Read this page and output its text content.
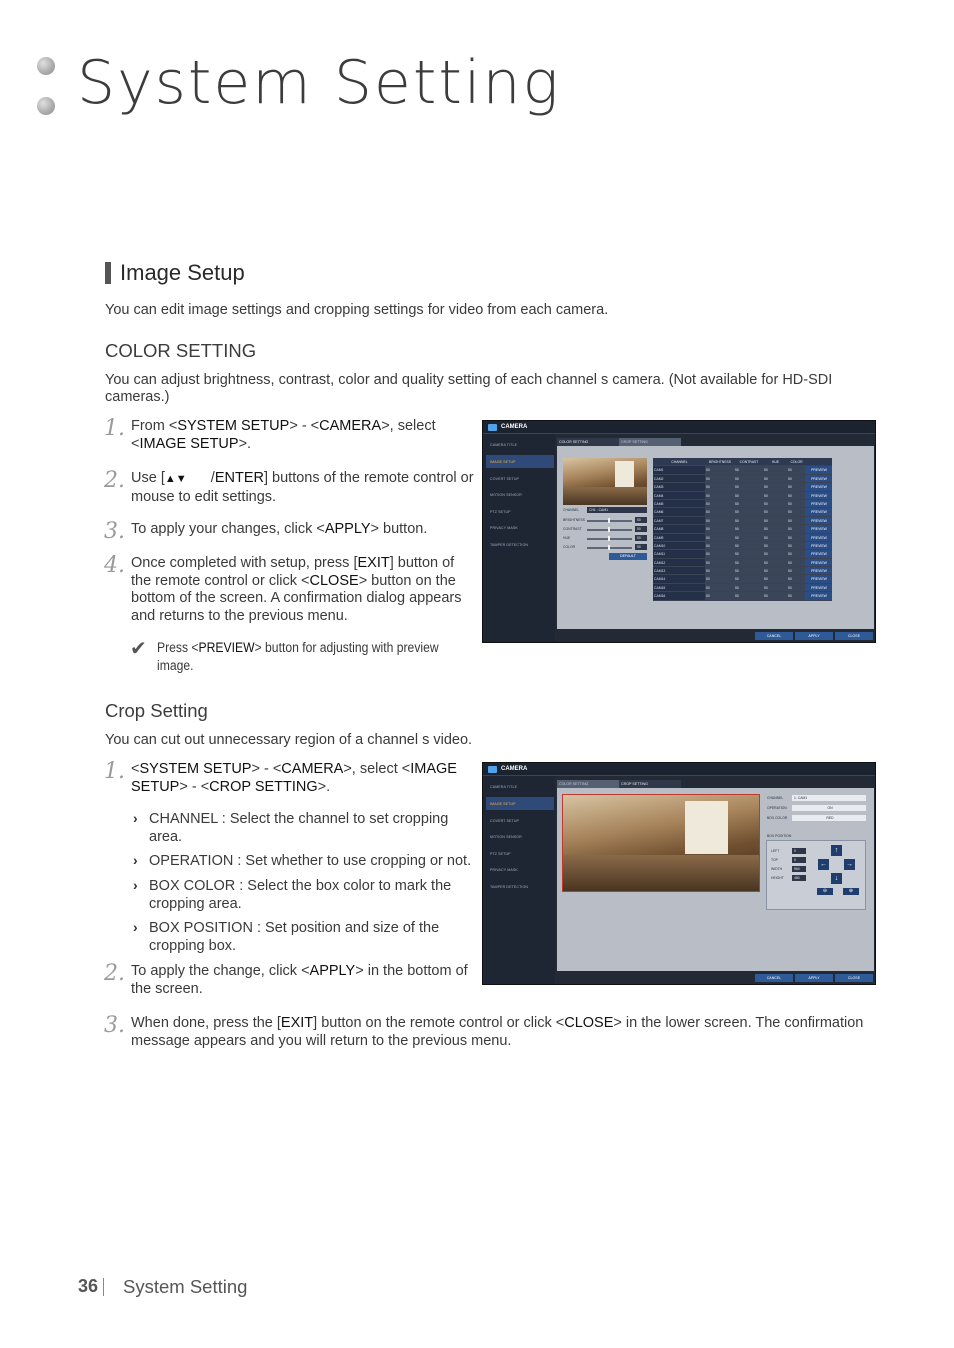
System Setting
Image Setup
You can edit image settings and cropping settings for video from each camera.
COLOR SETTING
You can adjust brightness, contrast, color and quality setting of each channel s camera. (Not available for HD-SDI cameras.)
1. From <SYSTEM SETUP> - <CAMERA>, select <IMAGE SETUP>.
2. Use [▲▼      /ENTER] buttons of the remote control or mouse to edit settings.
3. To apply your changes, click <APPLY> button.
4. Once completed with setup, press [EXIT] button of the remote control or click <CLOSE> button on the bottom of the screen. A confirmation dialog appears and returns to the previous menu.
✔ Press <PREVIEW> button for adjusting with preview image.
CAMERA
CAMERA TITLE
IMAGE SETUP
COVERT SETUP
MOTION SENSOR
PTZ SETUP
PRIVACY MASK
TAMPER DETECTION
COLOR SETTING	CROP SETTING
CHANNEL	CH1 : CAM1
BRIGHTNESS	50
CONTRAST	50
HUE	50
COLOR	50
DEFAULT
CHANNEL	BRIGHTNESS	CONTRAST	HUE	COLOR
CAM1	50	50	50	50	PREVIEW
CAM2	50	50	50	50	PREVIEW
CAM3	50	50	50	50	PREVIEW
CAM4	50	50	50	50	PREVIEW
CAM5	50	50	50	50	PREVIEW
CAM6	50	50	50	50	PREVIEW
CAM7	50	50	50	50	PREVIEW
CAM8	50	50	50	50	PREVIEW
CAM9	50	50	50	50	PREVIEW
CAM10	50	50	50	50	PREVIEW
CAM11	50	50	50	50	PREVIEW
CAM12	50	50	50	50	PREVIEW
CAM13	50	50	50	50	PREVIEW
CAM14	50	50	50	50	PREVIEW
CAM15	50	50	50	50	PREVIEW
CAM16	50	50	50	50	PREVIEW
CANCEL	APPLY	CLOSE
Crop Setting
You can cut out unnecessary region of a channel s video.
1. <SYSTEM SETUP> - <CAMERA>, select <IMAGE SETUP> - <CROP SETTING>.
› CHANNEL : Select the channel to set cropping area.
› OPERATION : Set whether to use cropping or not.
› BOX COLOR : Select the box color to mark the cropping area.
› BOX POSITION : Set position and size of the cropping box.
2. To apply the change, click <APPLY> in the bottom of the screen.
3. When done, press the [EXIT] button on the remote control or click <CLOSE> in the lower screen. The confirmation message appears and you will return to the previous menu.
CAMERA
CAMERA TITLE
IMAGE SETUP
COVERT SETUP
MOTION SENSOR
PTZ SETUP
PRIVACY MASK
TAMPER DETECTION
COLOR SETTING	CROP SETTING
CHANNEL	1. CAM1
OPERATION	ON
BOX COLOR	RED
BOX POSITION
LEFT	0
TOP	0
WIDTH	960
HEIGHT	480
↑
←	→
↓
⊖	⊕
CANCEL	APPLY	CLOSE
36 System Setting
